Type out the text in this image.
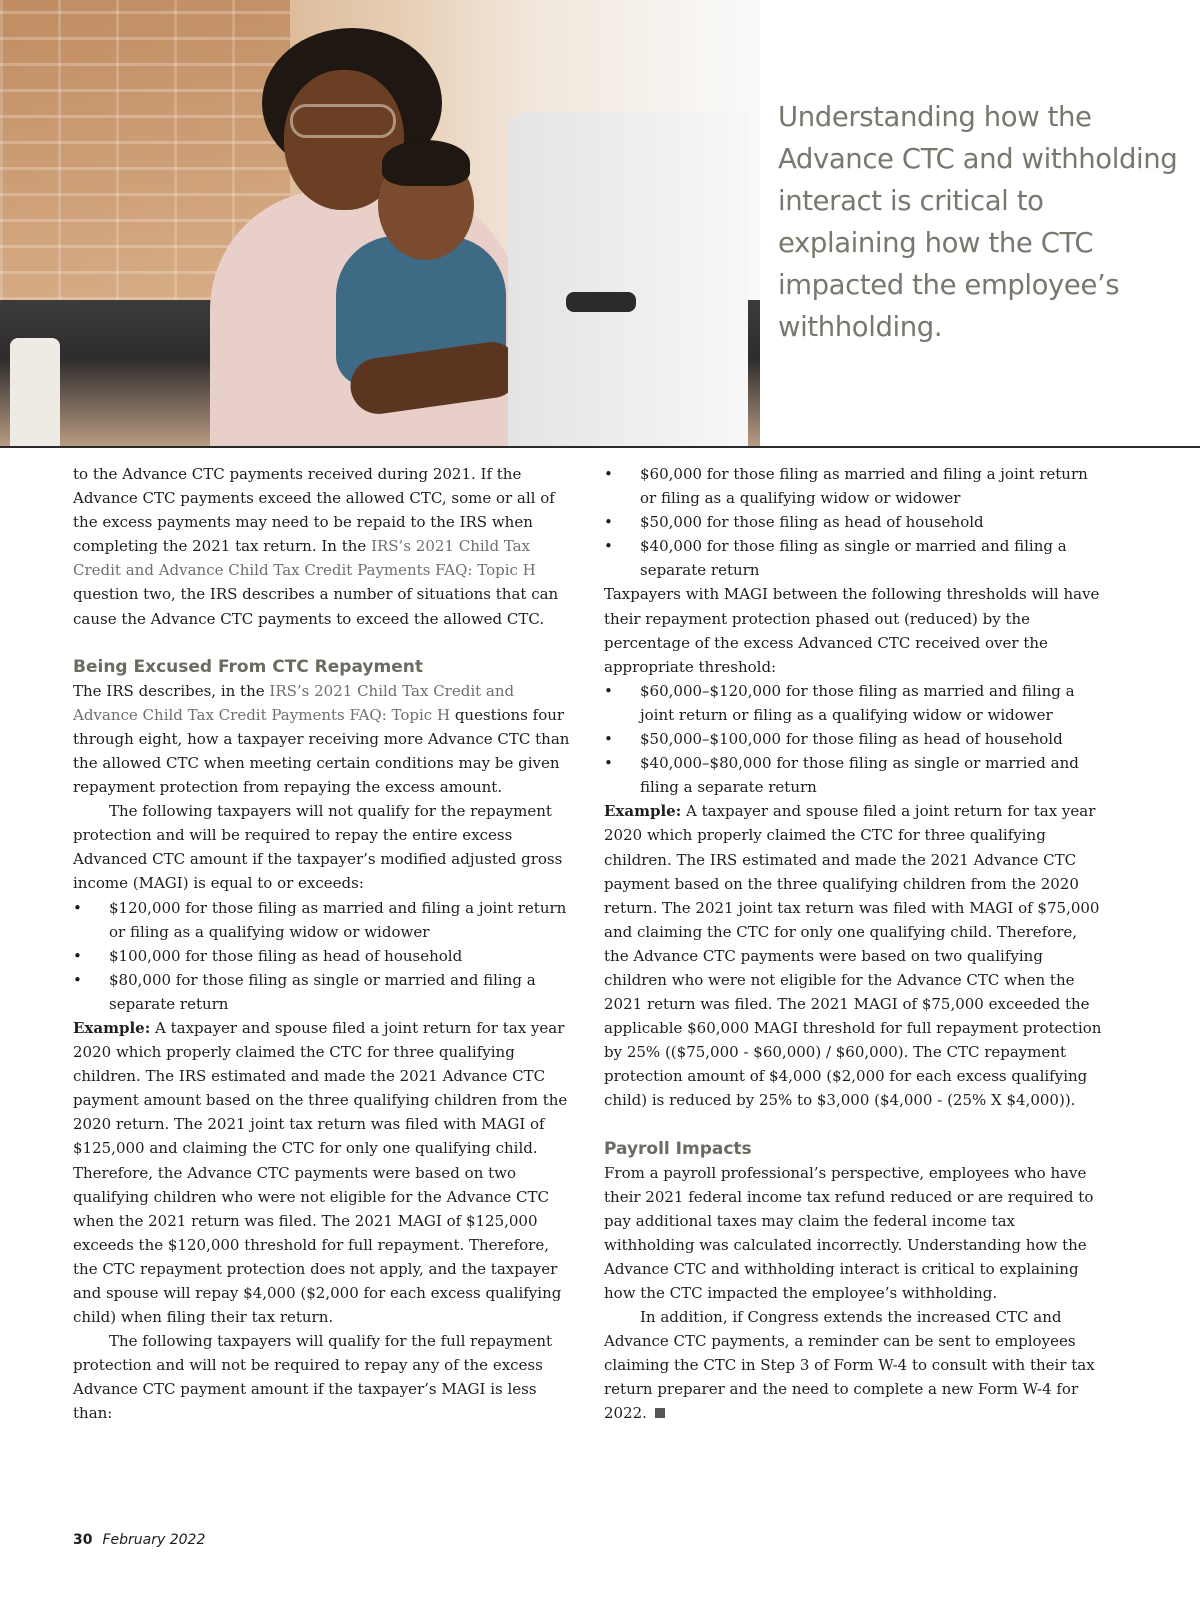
Understanding how the Advance CTC and withholding interact is critical to explaining how the CTC impacted the employee’s withholding.

to the Advance CTC payments received during 2021. If the Advance CTC payments exceed the allowed CTC, some or all of the excess payments may need to be repaid to the IRS when completing the 2021 tax return. In the IRS’s 2021 Child Tax Credit and Advance Child Tax Credit Payments FAQ: Topic H question two, the IRS describes a number of situations that can cause the Advance CTC payments to exceed the allowed CTC.

Being Excused From CTC Repayment

The IRS describes, in the IRS’s 2021 Child Tax Credit and Advance Child Tax Credit Payments FAQ: Topic H questions four through eight, how a taxpayer receiving more Advance CTC than the allowed CTC when meeting certain conditions may be given repayment protection from repaying the excess amount.

The following taxpayers will not qualify for the repayment protection and will be required to repay the entire excess Advanced CTC amount if the taxpayer’s modified adjusted gross income (MAGI) is equal to or exceeds:

• $120,000 for those filing as married and filing a joint return or filing as a qualifying widow or widower
• $100,000 for those filing as head of household
• $80,000 for those filing as single or married and filing a separate return

Example: A taxpayer and spouse filed a joint return for tax year 2020 which properly claimed the CTC for three qualifying children. The IRS estimated and made the 2021 Advance CTC payment amount based on the three qualifying children from the 2020 return. The 2021 joint tax return was filed with MAGI of $125,000 and claiming the CTC for only one qualifying child. Therefore, the Advance CTC payments were based on two qualifying children who were not eligible for the Advance CTC when the 2021 return was filed. The 2021 MAGI of $125,000 exceeds the $120,000 threshold for full repayment. Therefore, the CTC repayment protection does not apply, and the taxpayer and spouse will repay $4,000 ($2,000 for each excess qualifying child) when filing their tax return.

The following taxpayers will qualify for the full repayment protection and will not be required to repay any of the excess Advance CTC payment amount if the taxpayer’s MAGI is less than:

• $60,000 for those filing as married and filing a joint return or filing as a qualifying widow or widower
• $50,000 for those filing as head of household
• $40,000 for those filing as single or married and filing a separate return

Taxpayers with MAGI between the following thresholds will have their repayment protection phased out (reduced) by the percentage of the excess Advanced CTC received over the appropriate threshold:

• $60,000–$120,000 for those filing as married and filing a joint return or filing as a qualifying widow or widower
• $50,000–$100,000 for those filing as head of household
• $40,000–$80,000 for those filing as single or married and filing a separate return

Example: A taxpayer and spouse filed a joint return for tax year 2020 which properly claimed the CTC for three qualifying children. The IRS estimated and made the 2021 Advance CTC payment based on the three qualifying children from the 2020 return. The 2021 joint tax return was filed with MAGI of $75,000 and claiming the CTC for only one qualifying child. Therefore, the Advance CTC payments were based on two qualifying children who were not eligible for the Advance CTC when the 2021 return was filed. The 2021 MAGI of $75,000 exceeded the applicable $60,000 MAGI threshold for full repayment protection by 25% (($75,000 - $60,000) / $60,000). The CTC repayment protection amount of $4,000 ($2,000 for each excess qualifying child) is reduced by 25% to $3,000 ($4,000 - (25% X $4,000)).

Payroll Impacts

From a payroll professional’s perspective, employees who have their 2021 federal income tax refund reduced or are required to pay additional taxes may claim the federal income tax withholding was calculated incorrectly. Understanding how the Advance CTC and withholding interact is critical to explaining how the CTC impacted the employee’s withholding.

In addition, if Congress extends the increased CTC and Advance CTC payments, a reminder can be sent to employees claiming the CTC in Step 3 of Form W-4 to consult with their tax return preparer and the need to complete a new Form W-4 for 2022.

30 February 2022
